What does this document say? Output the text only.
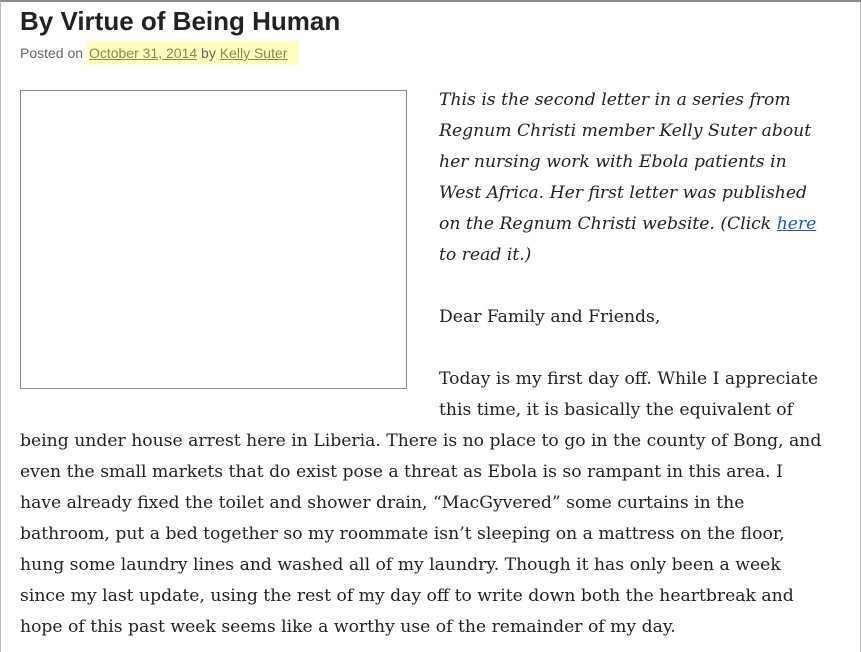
By Virtue of Being Human
Posted on October 31, 2014 by Kelly Suter
This is the second letter in a series from
Regnum Christi member Kelly Suter about
her nursing work with Ebola patients in
West Africa. Her first letter was published
on the Regnum Christi website. (Click here
to read it.)

Dear Family and Friends,

Today is my first day off. While I appreciate
this time, it is basically the equivalent of
being under house arrest here in Liberia. There is no place to go in the county of Bong, and
even the small markets that do exist pose a threat as Ebola is so rampant in this area. I
have already fixed the toilet and shower drain, “MacGyvered” some curtains in the
bathroom, put a bed together so my roommate isn’t sleeping on a mattress on the floor,
hung some laundry lines and washed all of my laundry. Though it has only been a week
since my last update, using the rest of my day off to write down both the heartbreak and
hope of this past week seems like a worthy use of the remainder of my day.
